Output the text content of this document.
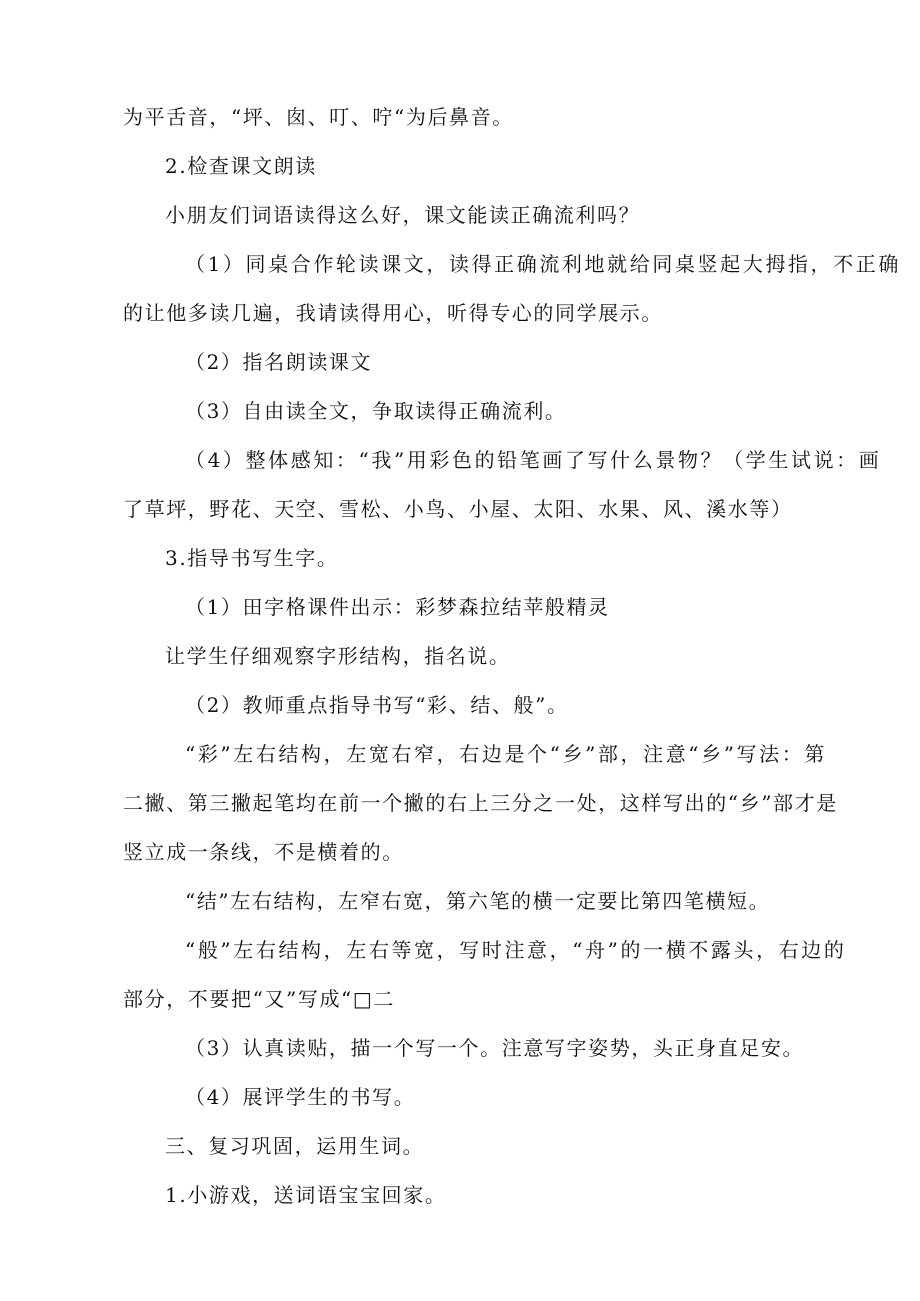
为平舌音，“坪、囱、叮、咛“为后鼻音。
2.检查课文朗读
小朋友们词语读得这么好，课文能读正确流利吗？
（1）同桌合作轮读课文，读得正确流利地就给同桌竖起大拇指，不正确
的让他多读几遍，我请读得用心，听得专心的同学展示。
（2）指名朗读课文
（3）自由读全文，争取读得正确流利。
（4）整体感知：“我”用彩色的铅笔画了写什么景物？（学生试说：画
了草坪，野花、天空、雪松、小鸟、小屋、太阳、水果、风、溪水等）
3.指导书写生字。
（1）田字格课件出示：彩梦森拉结苹般精灵
让学生仔细观察字形结构，指名说。
（2）教师重点指导书写“彩、结、般”。
“彩”左右结构，左宽右窄，右边是个“乡”部，注意“乡”写法：第
二撇、第三撇起笔均在前一个撇的右上三分之一处，这样写出的“乡”部才是
竖立成一条线，不是横着的。
“结”左右结构，左窄右宽，第六笔的横一定要比第四笔横短。
“般”左右结构，左右等宽，写时注意，“舟”的一横不露头，右边的
部分，不要把“又”写成“□二
（3）认真读贴，描一个写一个。注意写字姿势，头正身直足安。
（4）展评学生的书写。
三、复习巩固，运用生词。
1.小游戏，送词语宝宝回家。
